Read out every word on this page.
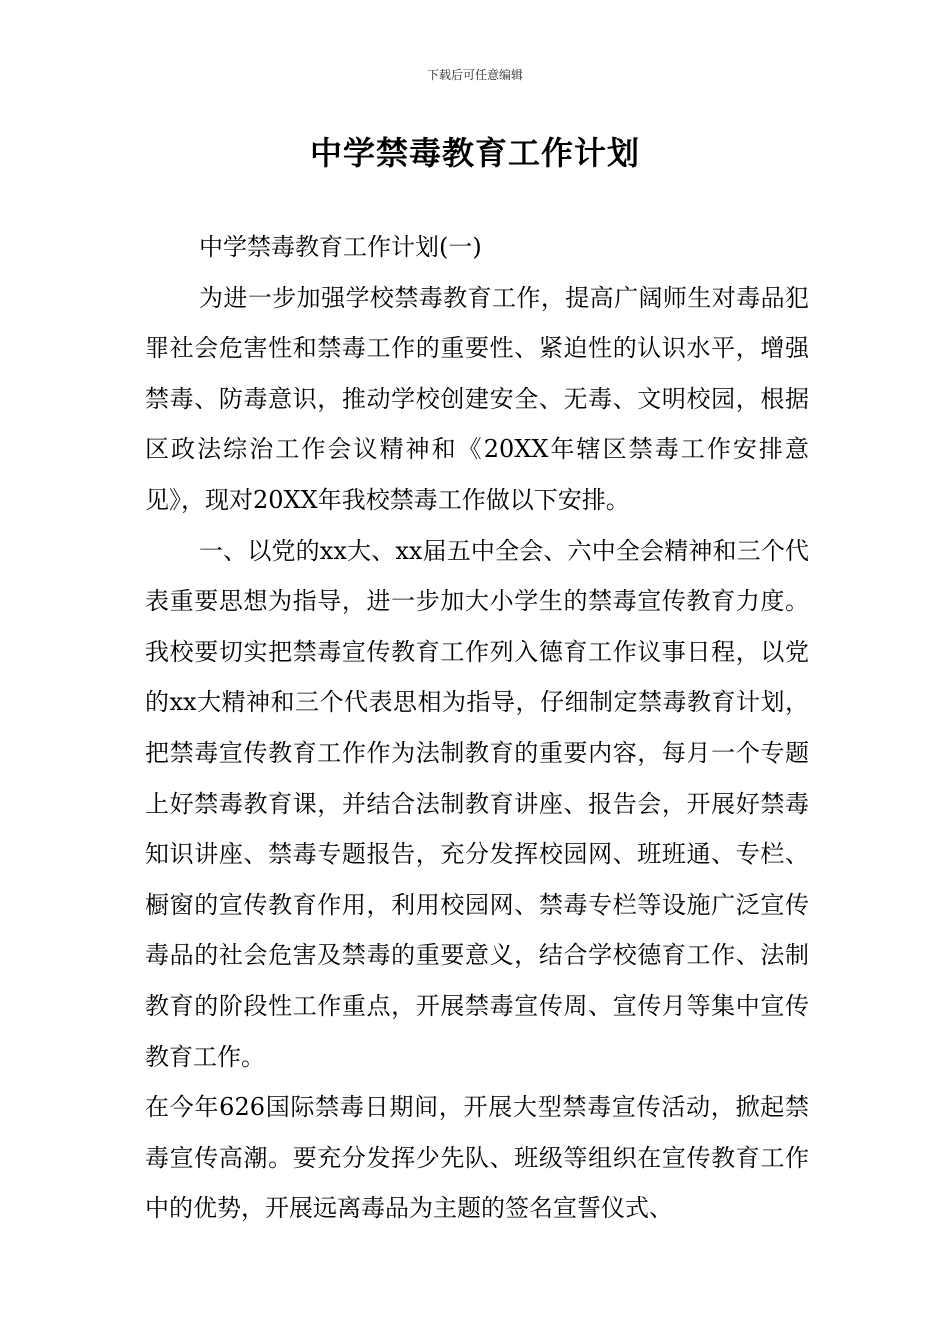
下载后可任意编辑
中学禁毒教育工作计划

中学禁毒教育工作计划(一)

为进一步加强学校禁毒教育工作，提高广阔师生对毒品犯罪社会危害性和禁毒工作的重要性、紧迫性的认识水平，增强禁毒、防毒意识，推动学校创建安全、无毒、文明校园，根据区政法综治工作会议精神和《20XX年辖区禁毒工作安排意见》，现对20XX年我校禁毒工作做以下安排。

一、以党的xx大、xx届五中全会、六中全会精神和三个代表重要思想为指导，进一步加大小学生的禁毒宣传教育力度。我校要切实把禁毒宣传教育工作列入德育工作议事日程，以党的xx大精神和三个代表思相为指导，仔细制定禁毒教育计划，把禁毒宣传教育工作作为法制教育的重要内容，每月一个专题上好禁毒教育课，并结合法制教育讲座、报告会，开展好禁毒知识讲座、禁毒专题报告，充分发挥校园网、班班通、专栏、橱窗的宣传教育作用，利用校园网、禁毒专栏等设施广泛宣传毒品的社会危害及禁毒的重要意义，结合学校德育工作、法制教育的阶段性工作重点，开展禁毒宣传周、宣传月等集中宣传教育工作。

在今年626国际禁毒日期间，开展大型禁毒宣传活动，掀起禁毒宣传高潮。要充分发挥少先队、班级等组织在宣传教育工作中的优势，开展远离毒品为主题的签名宣誓仪式、
